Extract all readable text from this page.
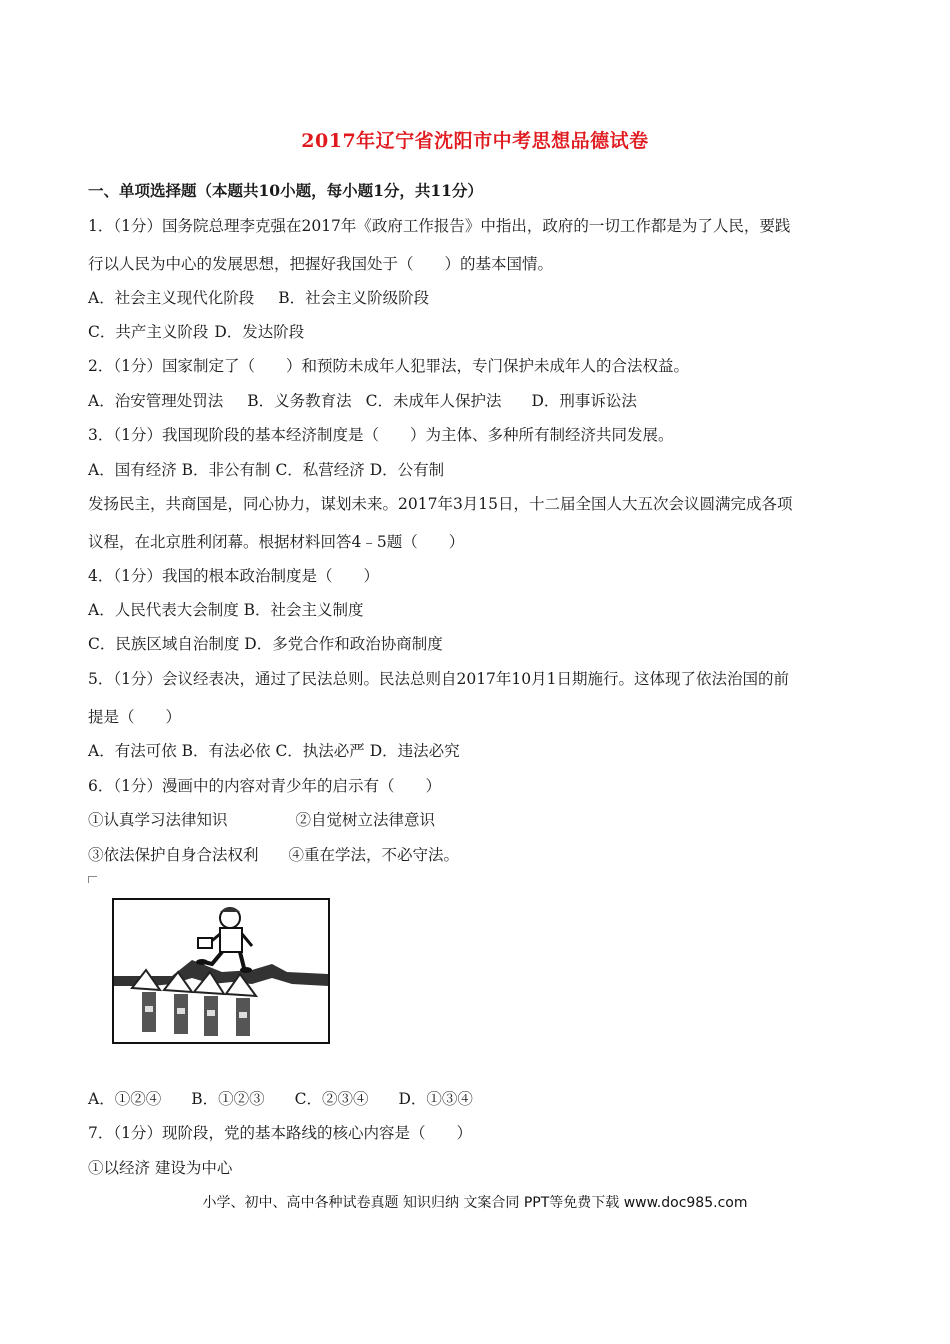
2017年辽宁省沈阳市中考思想品德试卷
一、单项选择题（本题共10小题，每小题1分，共11分）
1．（1分）国务院总理李克强在2017年《政府工作报告》中指出，政府的一切工作都是为了人民，要践
行以人民为中心的发展思想，把握好我国处于（　　）的基本国情。
A．社会主义现代化阶段 B．社会主义阶级阶段
C．共产主义阶段 D．发达阶段
2．（1分）国家制定了（　　）和预防未成年人犯罪法，专门保护未成年人的合法权益。
A．治安管理处罚法 B．义务教育法 C．未成年人保护法 D．刑事诉讼法
3．（1分）我国现阶段的基本经济制度是（　　）为主体、多种所有制经济共同发展。
A．国有经济 B．非公有制 C．私营经济 D．公有制
发扬民主，共商国是，同心协力，谋划未来。2017年3月15日，十二届全国人大五次会议圆满完成各项
议程，在北京胜利闭幕。根据材料回答4﹣5题（　　）
4．（1分）我国的根本政治制度是（　　）
A．人民代表大会制度 B．社会主义制度
C．民族区域自治制度 D．多党合作和政治协商制度
5．（1分）会议经表决，通过了民法总则。民法总则自2017年10月1日期施行。这体现了依法治国的前
提是（　　）
A．有法可依 B．有法必依 C．执法必严 D．违法必究
6．（1分）漫画中的内容对青少年的启示有（　　）
①认真学习法律知识	②自觉树立法律意识
③依法保护自身合法权利 ④重在学法，不必守法。
A．①②④ B．①②③ C．②③④ D．①③④
7．（1分）现阶段，党的基本路线的核心内容是（　　）
①以经济 建设为中心
小学、初中、高中各种试卷真题 知识归纳 文案合同 PPT等免费下载 www.doc985.com
